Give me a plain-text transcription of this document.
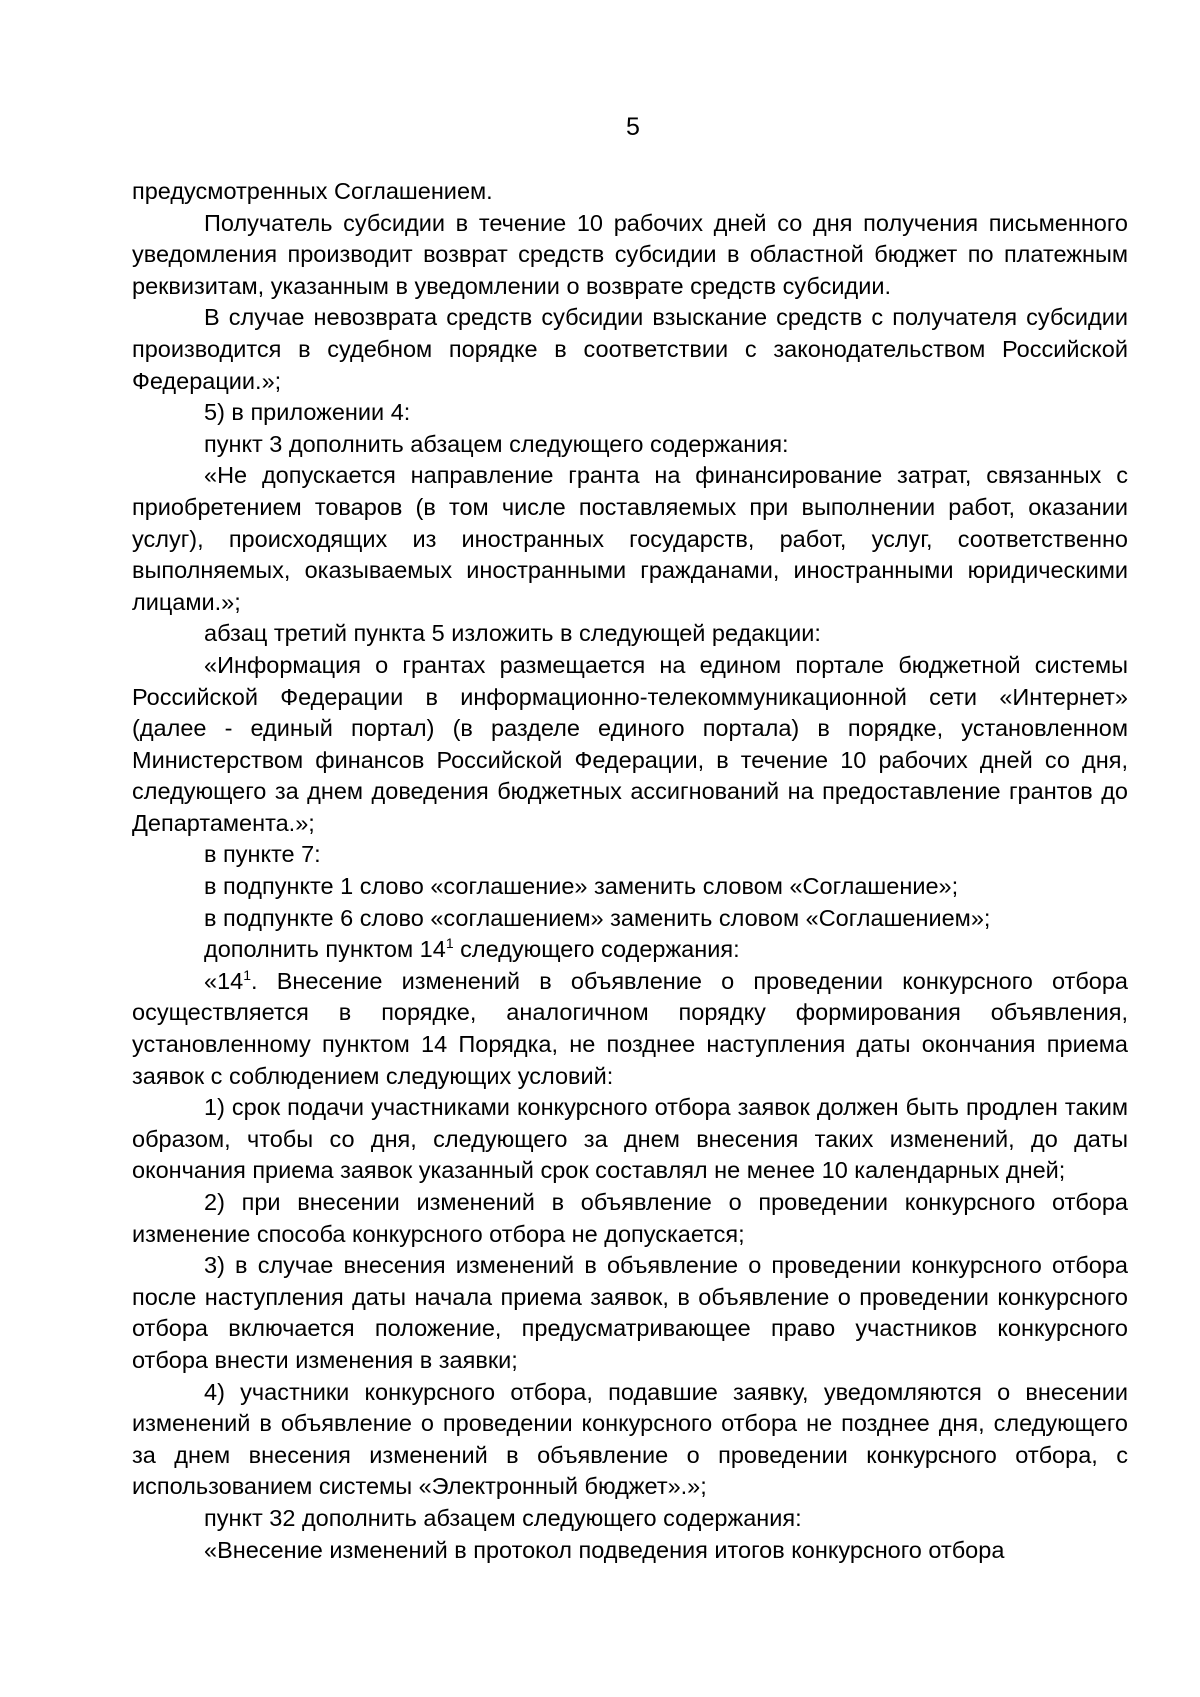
5

предусмотренных Соглашением.

Получатель субсидии в течение 10 рабочих дней со дня получения письменного уведомления производит возврат средств субсидии в областной бюджет по платежным реквизитам, указанным в уведомлении о возврате средств субсидии.

В случае невозврата средств субсидии взыскание средств с получателя субсидии производится в судебном порядке в соответствии с законодательством Российской Федерации.»;

5) в приложении 4:

пункт 3 дополнить абзацем следующего содержания:

«Не допускается направление гранта на финансирование затрат, связанных с приобретением товаров (в том числе поставляемых при выполнении работ, оказании услуг), происходящих из иностранных государств, работ, услуг, соответственно выполняемых, оказываемых иностранными гражданами, иностранными юридическими лицами.»;

абзац третий пункта 5 изложить в следующей редакции:

«Информация о грантах размещается на едином портале бюджетной системы Российской Федерации в информационно-телекоммуникационной сети «Интернет» (далее - единый портал) (в разделе единого портала) в порядке, установленном Министерством финансов Российской Федерации, в течение 10 рабочих дней со дня, следующего за днем доведения бюджетных ассигнований на предоставление грантов до Департамента.»;

в пункте 7:

в подпункте 1 слово «соглашение» заменить словом «Соглашение»;

в подпункте 6 слово «соглашением» заменить словом «Соглашением»;

дополнить пунктом $14^1$ следующего содержания:

«$14^1$. Внесение изменений в объявление о проведении конкурсного отбора осуществляется в порядке, аналогичном порядку формирования объявления, установленному пунктом 14 Порядка, не позднее наступления даты окончания приема заявок с соблюдением следующих условий:

1) срок подачи участниками конкурсного отбора заявок должен быть продлен таким образом, чтобы со дня, следующего за днем внесения таких изменений, до даты окончания приема заявок указанный срок составлял не менее 10 календарных дней;

2) при внесении изменений в объявление о проведении конкурсного отбора изменение способа конкурсного отбора не допускается;

3) в случае внесения изменений в объявление о проведении конкурсного отбора после наступления даты начала приема заявок, в объявление о проведении конкурсного отбора включается положение, предусматривающее право участников конкурсного отбора внести изменения в заявки;

4) участники конкурсного отбора, подавшие заявку, уведомляются о внесении изменений в объявление о проведении конкурсного отбора не позднее дня, следующего за днем внесения изменений в объявление о проведении конкурсного отбора, с использованием системы «Электронный бюджет».»;

пункт 32 дополнить абзацем следующего содержания:

«Внесение изменений в протокол подведения итогов конкурсного отбора
